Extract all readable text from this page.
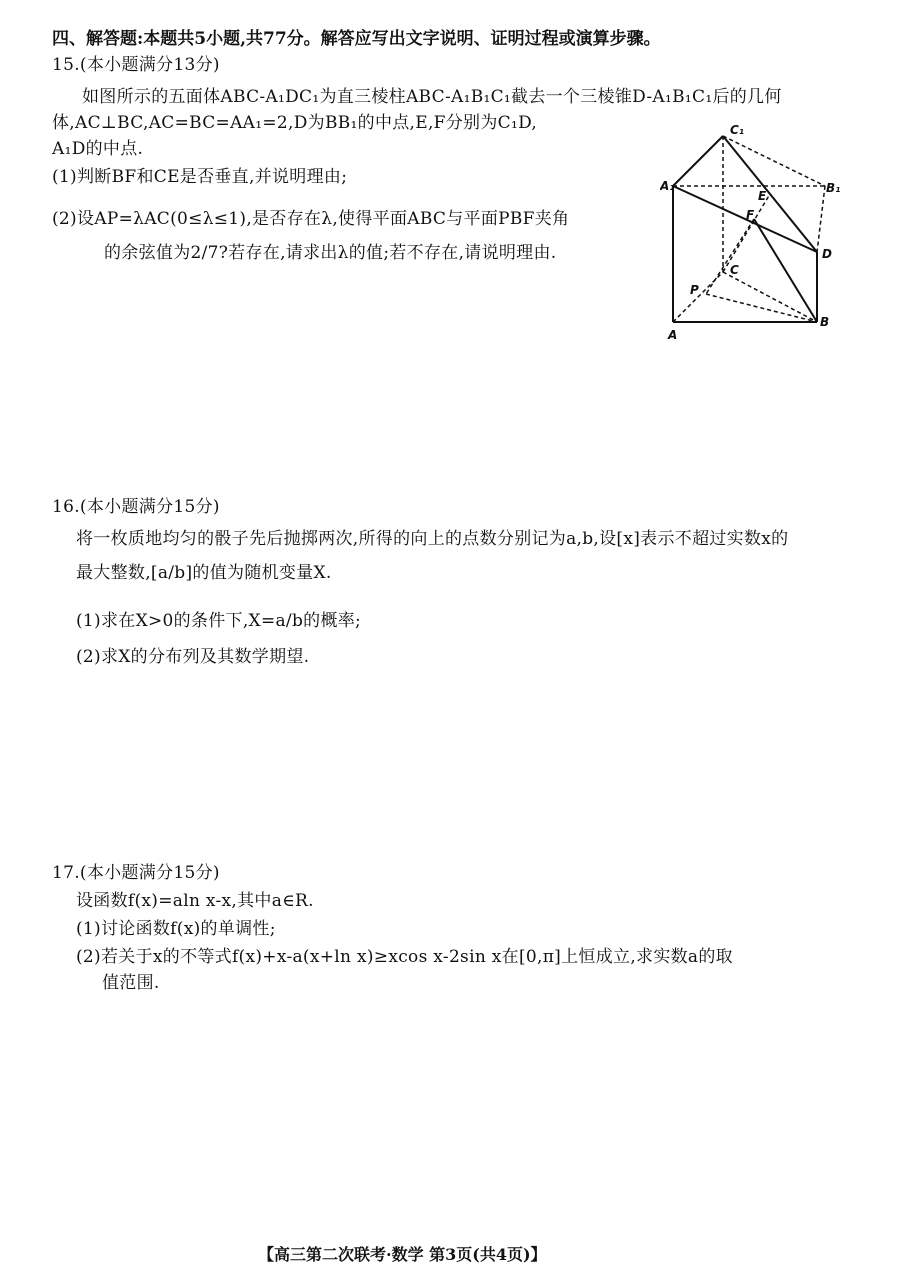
四、解答题:本题共5小题,共77分。解答应写出文字说明、证明过程或演算步骤。
15.(本小题满分13分)
如图所示的五面体ABC-A₁DC₁为直三棱柱ABC-A₁B₁C₁截去一个三棱锥D-A₁B₁C₁后的几何
体,AC⊥BC,AC=BC=AA₁=2,D为BB₁的中点,E,F分别为C₁D,
A₁D的中点.
(1)判断BF和CE是否垂直,并说明理由;
(2)设AP=λAC(0≤λ≤1),是否存在λ,使得平面ABC与平面PBF夹角
的余弦值为2/7?若存在,请求出λ的值;若不存在,请说明理由.
C₁
A₁	B₁
E
F
D
C
P
A
B
16.(本小题满分15分)
将一枚质地均匀的骰子先后抛掷两次,所得的向上的点数分别记为a,b,设[x]表示不超过实数x的
最大整数,[a/b]的值为随机变量X.
(1)求在X>0的条件下,X=a/b的概率;
(2)求X的分布列及其数学期望.
17.(本小题满分15分)
设函数f(x)=aln x-x,其中a∈R.
(1)讨论函数f(x)的单调性;
(2)若关于x的不等式f(x)+x-a(x+ln x)≥xcos x-2sin x在[0,π]上恒成立,求实数a的取
值范围.
【高三第二次联考·数学 第3页(共4页)】
